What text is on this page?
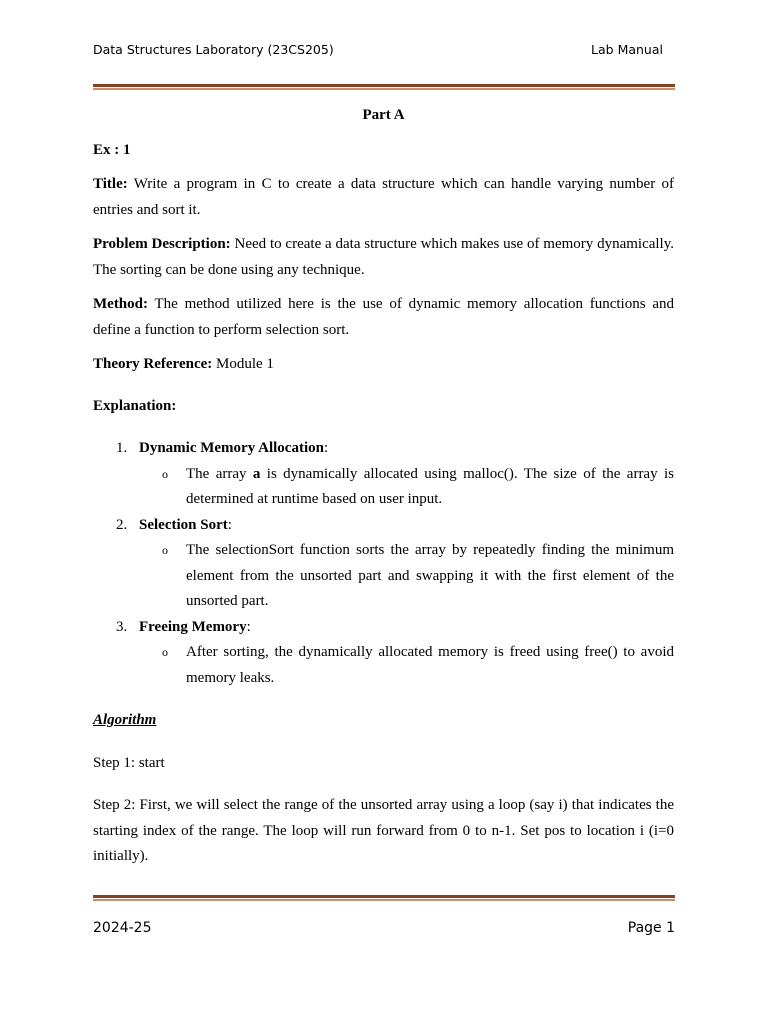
Data Structures Laboratory (23CS205)	Lab Manual

Part A

Ex : 1

Title: Write a program in C to create a data structure which can handle varying number of entries and sort it.

Problem Description: Need to create a data structure which makes use of memory dynamically. The sorting can be done using any technique.

Method: The method utilized here is the use of dynamic memory allocation functions and define a function to perform selection sort.

Theory Reference: Module 1

Explanation:

1. Dynamic Memory Allocation:
o The array a is dynamically allocated using malloc(). The size of the array is determined at runtime based on user input.
2. Selection Sort:
o The selectionSort function sorts the array by repeatedly finding the minimum element from the unsorted part and swapping it with the first element of the unsorted part.
3. Freeing Memory:
o After sorting, the dynamically allocated memory is freed using free() to avoid memory leaks.

Algorithm

Step 1: start

Step 2: First, we will select the range of the unsorted array using a loop (say i) that indicates the starting index of the range. The loop will run forward from 0 to n-1. Set pos to location i (i=0 initially).

2024-25	Page 1
